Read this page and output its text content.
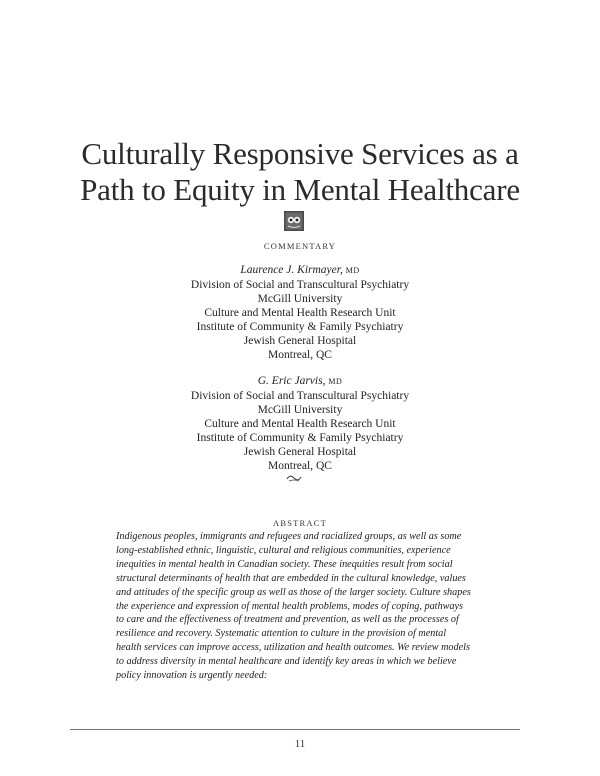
Culturally Responsive Services as a
Path to Equity in Mental Healthcare
COMMENTARY
Laurence J. Kirmayer, MD
Division of Social and Transcultural Psychiatry
McGill University
Culture and Mental Health Research Unit
Institute of Community & Family Psychiatry
Jewish General Hospital
Montreal, QC
G. Eric Jarvis, MD
Division of Social and Transcultural Psychiatry
McGill University
Culture and Mental Health Research Unit
Institute of Community & Family Psychiatry
Jewish General Hospital
Montreal, QC
ABSTRACT
Indigenous peoples, immigrants and refugees and racialized groups, as well as some
long-established ethnic, linguistic, cultural and religious communities, experience
inequities in mental health in Canadian society. These inequities result from social
structural determinants of health that are embedded in the cultural knowledge, values
and attitudes of the specific group as well as those of the larger society. Culture shapes
the experience and expression of mental health problems, modes of coping, pathways
to care and the effectiveness of treatment and prevention, as well as the processes of
resilience and recovery. Systematic attention to culture in the provision of mental
health services can improve access, utilization and health outcomes. We review models
to address diversity in mental healthcare and identify key areas in which we believe
policy innovation is urgently needed:
11
